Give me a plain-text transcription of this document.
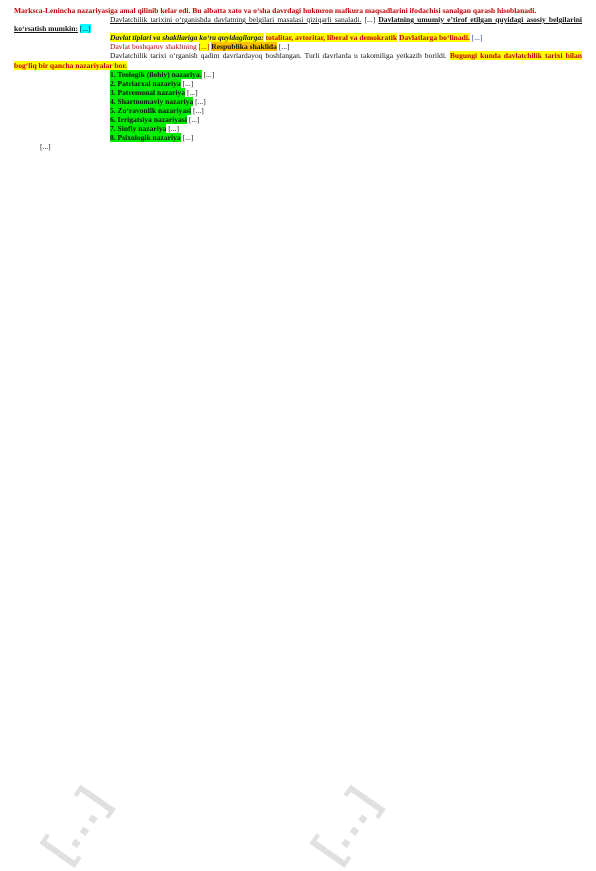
Marksca-Leninchа nazariyasiga amal qilinib kelar edi. Bu albatta xato va o‘sha davrdagi hukmron mafkura maqsadlarini ifodachisi sanalgan qarash hisoblanadi.

Davlatchilik tarixini o‘rganishda davlatning belgilari masalasi qiziqarli sanaladi. [...] Davlatning umumiy e’tirof etilgan quyidagi asosiy belgilarini ko‘rsatish mumkin: [...]

Davlat tiplari va shakllariga ko‘ra quyidagilarga: totalitar, avtoritar, liberal va demokratik Davlatlarga bo‘linadi. [...]

Davlat boshqaruv shaklining [...] Respublika shaklida [...]

Davlatchilik tarixi o‘rganish qadim davrlardayoq boshlangan. Turli davrlarda u takomiliga yetkazib borildi. Bugungi kunda davlatchilik tarixi bilan bog‘liq bir qancha nazariyalar bor.

1. Teologik (ilohiy) nazariya. [...]

2. Patriarxal nazariya [...]

3. Patremonal nazariya [...]

4. Shartnomaviy nazariya [...]

5. Zo‘ravonlik nazariyasi [...]

6. Irrigatsiya nazariyasi [...]

7. Sinfiy nazariya [...]

8. Psixologik nazariya [...]

[...]

[...]	[...]
